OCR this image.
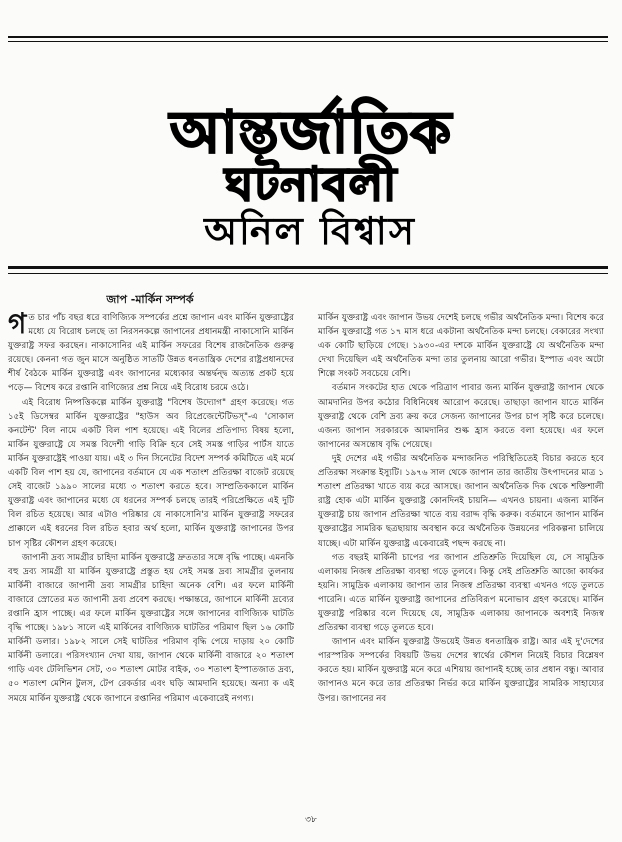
আন্তর্জাতিক
ঘটনাবলী
অনিল বিশ্বাস
জাপ -মার্কিন সম্পর্ক

গত চার পাঁচ বছর ধরে বাণিজ্যিক সম্পর্কের প্রশ্নে জাপান এবং মার্কিন যুক্তরাষ্ট্রের মধ্যে যে বিরোধ চলছে তা নিরসনকল্পে জাপানের প্রধানমন্ত্রী নাকাসোনি মার্কিন যুক্তরাষ্ট্র সফর করছেন। নাকাসোনির এই মার্কিন সফরের বিশেষ রাজনৈতিক গুরুত্ব রয়েছে। কেননা গত জুন মাসে অনুষ্ঠিত সাতটি উন্নত ধনতান্ত্রিক দেশের রাষ্ট্রপ্রধানদের শীর্ষ বৈঠকে মার্কিন যুক্তরাষ্ট্র এবং জাপানের মধ্যেকার অন্তর্দ্বন্দ্ব অত্যন্ত প্রকট হয়ে পড়ে— বিশেষ করে রপ্তানি বাণিজ্যের প্রশ্ন নিয়ে এই বিরোধ চরমে ওঠে।

এই বিরোধ নিষ্পত্তিকল্পে মার্কিন যুক্তরাষ্ট্র "বিশেষ উদ্যোগ" গ্রহণ করেছে। গত ১৫ই ডিসেম্বর মার্কিন যুক্তরাষ্ট্রের "হাউস অব রিপ্রেজেন্টেটিভস্"-এ 'সোকাল কনটেন্ট' বিল নামে একটি বিল পাশ হয়েছে। এই বিলের প্রতিপাদ্য বিষয় হলো, মার্কিন যুক্তরাষ্ট্রে যে সমস্ত বিদেশী গাড়ি বিক্রি হবে সেই সমস্ত গাড়ির পার্টস যাতে মার্কিন যুক্তরাষ্ট্রেই পাওয়া যায়। এই ৩ দিন সিনেটের বিদেশ সম্পর্ক কমিটিতে এই মর্মে একটি বিল পাশ হয় যে, জাপানের বর্তমানে যে এক শতাংশ প্রতিরক্ষা বাজেট রয়েছে সেই বাজেট ১৯৯০ সালের মধ্যে ৩ শতাংশ করতে হবে। সাম্প্রতিককালে মার্কিন যুক্তরাষ্ট্র এবং জাপানের মধ্যে যে ধরনের সম্পর্ক চলছে তারই পরিপ্রেক্ষিতে এই দুটি বিল রচিত হয়েছে। আর এটাও পরিষ্কার যে নাকাসোনি'র মার্কিন যুক্তরাষ্ট্র সফরের প্রাক্কালে এই ধরনের বিল রচিত হবার অর্থ হলো, মার্কিন যুক্তরাষ্ট্র জাপানের উপর চাপ সৃষ্টির কৌশল গ্রহণ করেছে।

জাপানী দ্রব্য সামগ্রীর চাহিদা মার্কিন যুক্তরাষ্ট্রে দ্রুততার সঙ্গে বৃদ্ধি পাচ্ছে। এমনকি বহু দ্রব্য সামগ্রী যা মার্কিন যুক্তরাষ্ট্রে প্রস্তুত হয় সেই সমস্ত দ্রব্য সামগ্রীর তুলনায় মার্কিনী বাজারে জাপানী দ্রব্য সামগ্রীর চাহিদা অনেক বেশি। এর ফলে মার্কিনী বাজারে স্রোতের মত জাপানী দ্রব্য প্রবেশ করছে। পক্ষান্তরে, জাপানে মার্কিনী দ্রব্যের রপ্তানি হ্রাস পাচ্ছে। এর ফলে মার্কিন যুক্তরাষ্ট্রের সঙ্গে জাপানের বাণিজ্যিক ঘাটতি বৃদ্ধি পাচ্ছে। ১৯৮১ সালে এই মার্কিনের বাণিজ্যিক ঘাটতির পরিমাণ ছিল ১৬ কোটি মার্কিনী ডলার। ১৯৮২ সালে সেই ঘাটতির পরিমাণ বৃদ্ধি পেয়ে দাড়ায় ২০ কোটি মার্কিনী ডলারে। পরিসংখ্যান দেখা যায়, জাপান থেকে মার্কিনী বাজারে ২০ শতাংশ গাড়ি এবং টেলিভিশন সেট, ৩০ শতাংশ মোটর বাইক, ৩০ শতাংশ ইস্পাতজাত দ্রব্য, ৫০ শতাংশ মেশিন টুলস, টেপ রেকর্ডার এবং ঘড়ি আমদানি হয়েছে। অন্যা ক এই সময়ে মার্কিন যুক্তরাষ্ট্র থেকে জাপানে রপ্তানির পরিমাণ একেবারেই নগণ্য।

মার্কিন যুক্তরাষ্ট্র এবং জাপান উভয় দেশেই চলছে গভীর অর্থনৈতিক মন্দা। বিশেষ করে মার্কিন যুক্তরাষ্ট্রে গত ১৭ মাস ধরে একটানা অর্থনৈতিক মন্দা চলছে। বেকারের সংখ্যা এক কোটি ছাড়িয়ে গেছে। ১৯৩০-এর দশকে মার্কিন যুক্তরাষ্ট্রে যে অর্থনৈতিক মন্দা দেখা দিয়েছিল এই অর্থনৈতিক মন্দা তার তুলনায় আরো গভীর। ইস্পাত এবং অটো শিল্পে সংকট সবচেয়ে বেশি।

বর্তমান সংকটের হাত থেকে পরিত্রাণ পাবার জন্য মার্কিন যুক্তরাষ্ট্র জাপান থেকে আমদানির উপর কঠোর বিধিনিষেধ আরোপ করেছে। তাছাড়া জাপান যাতে মার্কিন যুক্তরাষ্ট্র থেকে বেশি দ্রব্য ক্রয় করে সেজন্য জাপানের উপর চাপ সৃষ্টি করে চলেছে। এজন্য জাপান সরকারকে আমদানির শুল্ক হ্রাস করতে বলা হয়েছে। এর ফলে জাপানের অসন্তোষ বৃদ্ধি পেয়েছে।

দুই দেশের এই গভীর অর্থনৈতিক মন্দাজনিত পরিস্থিতিতেই বিচার করতে হবে প্রতিরক্ষা সংক্রান্ত ইস্যুটি। ১৯৭৬ সাল থেকে জাপান তার জাতীয় উৎপাদনের মাত্র ১ শতাংশ প্রতিরক্ষা খাতে ব্যয় করে আসছে। জাপান অর্থনৈতিক দিক থেকে শক্তিশালী রাষ্ট্র হোক এটা মার্কিন যুক্তরাষ্ট্র কোনদিনই চায়নি— এখনও চায়না। এজন্য মার্কিন যুক্তরাষ্ট্র চায় জাপান প্রতিরক্ষা খাতে ব্যয় বরাদ্দ বৃদ্ধি করুক। বর্তমানে জাপান মার্কিন যুক্তরাষ্ট্রের সামরিক ছত্রছায়ায় অবস্থান করে অর্থনৈতিক উন্নয়নের পরিকল্পনা চালিয়ে যাচ্ছে। এটা মার্কিন যুক্তরাষ্ট্র একেবারেই পছন্দ করছে না।

গত বছরই মার্কিনী চাপের পর জাপান প্রতিশ্রুতি দিয়েছিল যে, সে সামুদ্রিক এলাকায় নিজস্ব প্রতিরক্ষা ব্যবস্থা গড়ে তুলবে। কিন্তু সেই প্রতিশ্রুতি আজো কার্যকর হয়নি। সামুদ্রিক এলাকায় জাপান তার নিজস্ব প্রতিরক্ষা ব্যবস্থা এখনও গড়ে তুলতে পারেনি। এতে মার্কিন যুক্তরাষ্ট্র জাপানের প্রতিবিরূপ মনোভাব গ্রহণ করেছে। মার্কিন যুক্তরাষ্ট্র পরিষ্কার বলে দিয়েছে যে, সামুদ্রিক এলাকায় জাপানকে অবশ্যই নিজস্ব প্রতিরক্ষা ব্যবস্থা গড়ে তুলতে হবে।

জাপান এবং মার্কিন যুক্তরাষ্ট্র উভয়েই উন্নত ধনতান্ত্রিক রাষ্ট্র। আর এই দু'দেশের পারস্পরিক সম্পর্কের বিষয়টি উভয় দেশের স্বার্থের কৌশল নিয়েই বিচার বিশ্লেষণ করতে হয়। মার্কিন যুক্তরাষ্ট্র মনে করে এশিয়ায় জাপানই হচ্ছে তার প্রধান বন্ধু। আবার জাপানও মনে করে তার প্রতিরক্ষা নির্ভর করে মার্কিন যুক্তরাষ্ট্রের সামরিক সাহায্যের উপর। জাপানের নব

৩৮
